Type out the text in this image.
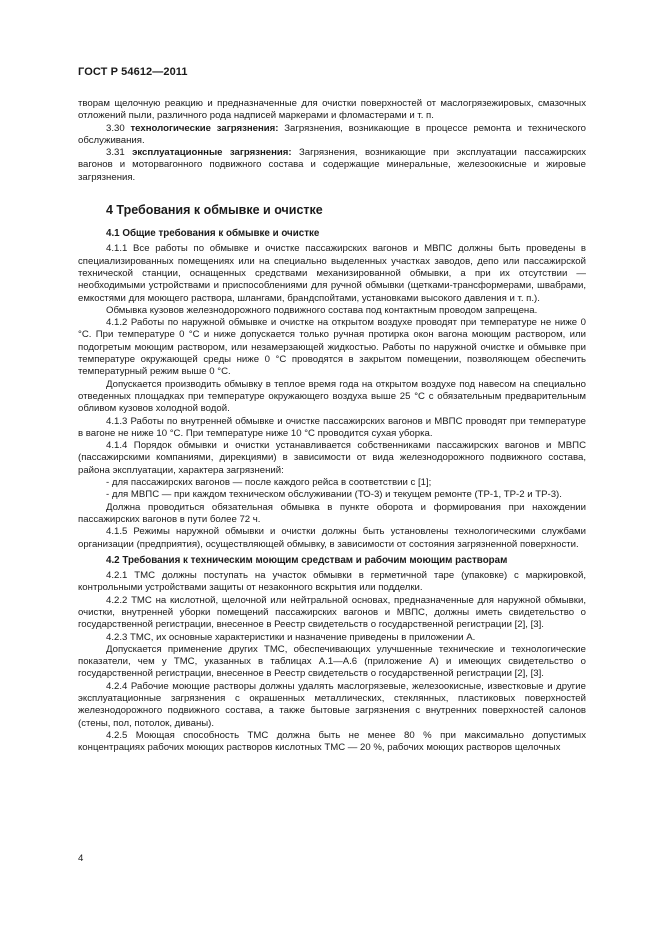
ГОСТ Р 54612—2011

творам щелочную реакцию и предназначенные для очистки поверхностей от маслогрязежировых, смазочных отложений пыли, различного рода надписей маркерами и фломастерами и т. п.

3.30 технологические загрязнения: Загрязнения, возникающие в процессе ремонта и технического обслуживания.

3.31 эксплуатационные загрязнения: Загрязнения, возникающие при эксплуатации пассажирских вагонов и моторвагонного подвижного состава и содержащие минеральные, железоокисные и жировые загрязнения.

4 Требования к обмывке и очистке
4.1 Общие требования к обмывке и очистке

4.1.1 Все работы по обмывке и очистке пассажирских вагонов и МВПС должны быть проведены в специализированных помещениях или на специально выделенных участках заводов, депо или пассажирской технической станции, оснащенных средствами механизированной обмывки, а при их отсутствии — необходимыми устройствами и приспособлениями для ручной обмывки (щетками-трансформерами, швабрами, емкостями для моющего раствора, шлангами, брандспойтами, установками высокого давления и т. п.).

Обмывка кузовов железнодорожного подвижного состава под контактным проводом запрещена.

4.1.2 Работы по наружной обмывке и очистке на открытом воздухе проводят при температуре не ниже 0 °С. При температуре 0 °С и ниже допускается только ручная протирка окон вагона моющим раствором, или подогретым моющим раствором, или незамерзающей жидкостью. Работы по наружной очистке и обмывке при температуре окружающей среды ниже 0 °С проводятся в закрытом помещении, позволяющем обеспечить температурный режим выше 0 °С.

Допускается производить обмывку в теплое время года на открытом воздухе под навесом на специально отведенных площадках при температуре окружающего воздуха выше 25 °С с обязательным предварительным обливом кузовов холодной водой.

4.1.3 Работы по внутренней обмывке и очистке пассажирских вагонов и МВПС проводят при температуре в вагоне не ниже 10 °С. При температуре ниже 10 °С проводится сухая уборка.

4.1.4 Порядок обмывки и очистки устанавливается собственниками пассажирских вагонов и МВПС (пассажирскими компаниями, дирекциями) в зависимости от вида железнодорожного подвижного состава, района эксплуатации, характера загрязнений:

- для пассажирских вагонов — после каждого рейса в соответствии с [1];

- для МВПС — при каждом техническом обслуживании (ТО-3) и текущем ремонте (ТР-1, ТР-2 и ТР-3).

Должна проводиться обязательная обмывка в пункте оборота и формирования при нахождении пассажирских вагонов в пути более 72 ч.

4.1.5 Режимы наружной обмывки и очистки должны быть установлены технологическими службами организации (предприятия), осуществляющей обмывку, в зависимости от состояния загрязненной поверхности.

4.2 Требования к техническим моющим средствам и рабочим моющим растворам

4.2.1 ТМС должны поступать на участок обмывки в герметичной таре (упаковке) с маркировкой, контрольными устройствами защиты от незаконного вскрытия или подделки.

4.2.2 ТМС на кислотной, щелочной или нейтральной основах, предназначенные для наружной обмывки, очистки, внутренней уборки помещений пассажирских вагонов и МВПС, должны иметь свидетельство о государственной регистрации, внесенное в Реестр свидетельств о государственной регистрации [2], [3].

4.2.3 ТМС, их основные характеристики и назначение приведены в приложении А.

Допускается применение других ТМС, обеспечивающих улучшенные технические и технологические показатели, чем у ТМС, указанных в таблицах А.1—А.6 (приложение А) и имеющих свидетельство о государственной регистрации, внесенное в Реестр свидетельств о государственной регистрации [2], [3].

4.2.4 Рабочие моющие растворы должны удалять маслогрязевые, железоокисные, известковые и другие эксплуатационные загрязнения с окрашенных металлических, стеклянных, пластиковых поверхностей железнодорожного подвижного состава, а также бытовые загрязнения с внутренних поверхностей салонов (стены, пол, потолок, диваны).

4.2.5 Моющая способность ТМС должна быть не менее 80 % при максимально допустимых концентрациях рабочих моющих растворов кислотных ТМС — 20 %, рабочих моющих растворов щелочных

4
